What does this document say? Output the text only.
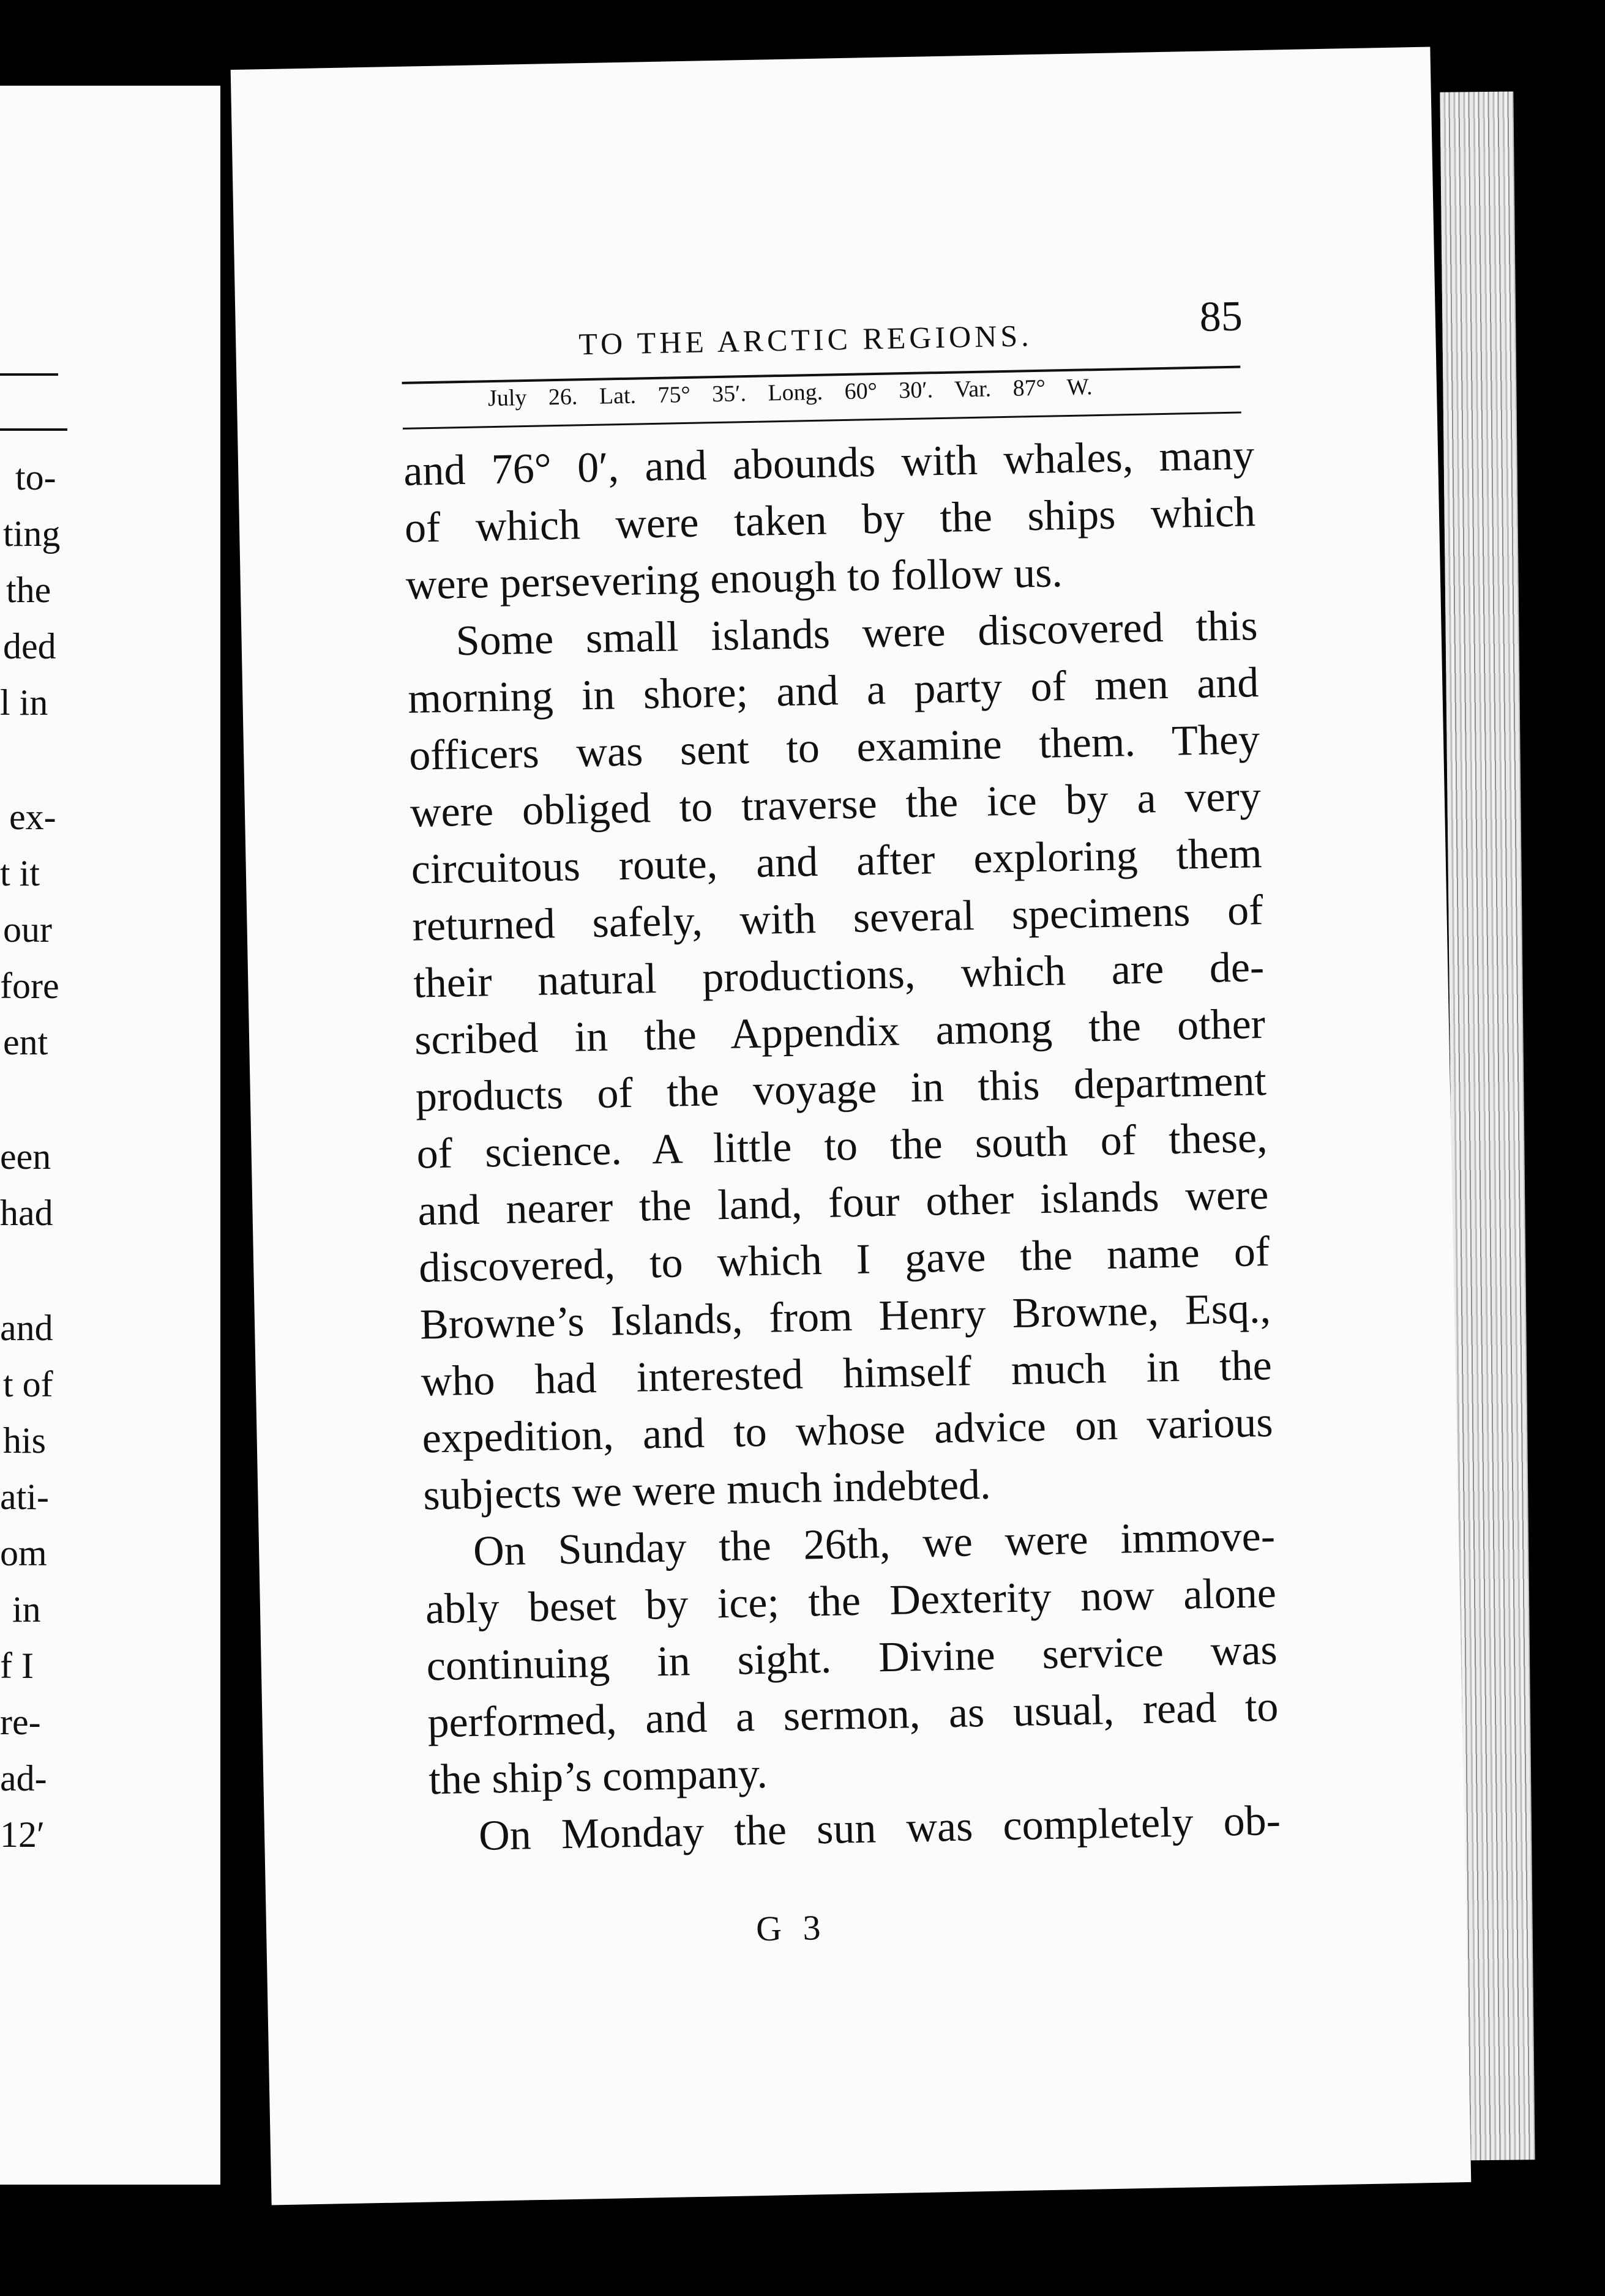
TO THE ARCTIC REGIONS.	85
July 26. Lat. 75° 35′. Long. 60° 30′. Var. 87° W.
and 76° 0′, and abounds with whales, many
of which were taken by the ships which
were persevering enough to follow us.
Some small islands were discovered this
morning in shore; and a party of men and
officers was sent to examine them. They
were obliged to traverse the ice by a very
circuitous route, and after exploring them
returned safely, with several specimens of
their natural productions, which are de-
scribed in the Appendix among the other
products of the voyage in this department
of science. A little to the south of these,
and nearer the land, four other islands were
discovered, to which I gave the name of
Browne’s Islands, from Henry Browne, Esq.,
who had interested himself much in the
expedition, and to whose advice on various
subjects we were much indebted.
On Sunday the 26th, we were immove-
ably beset by ice; the Dexterity now alone
continuing in sight. Divine service was
performed, and a sermon, as usual, read to
the ship’s company.
On Monday the sun was completely ob-
G 3
to-
ting
the
ded
l in
ex-
t it
our
fore
ent
een
had
and
t of
his
ati-
om
in
f I
re-
ad-
12′
